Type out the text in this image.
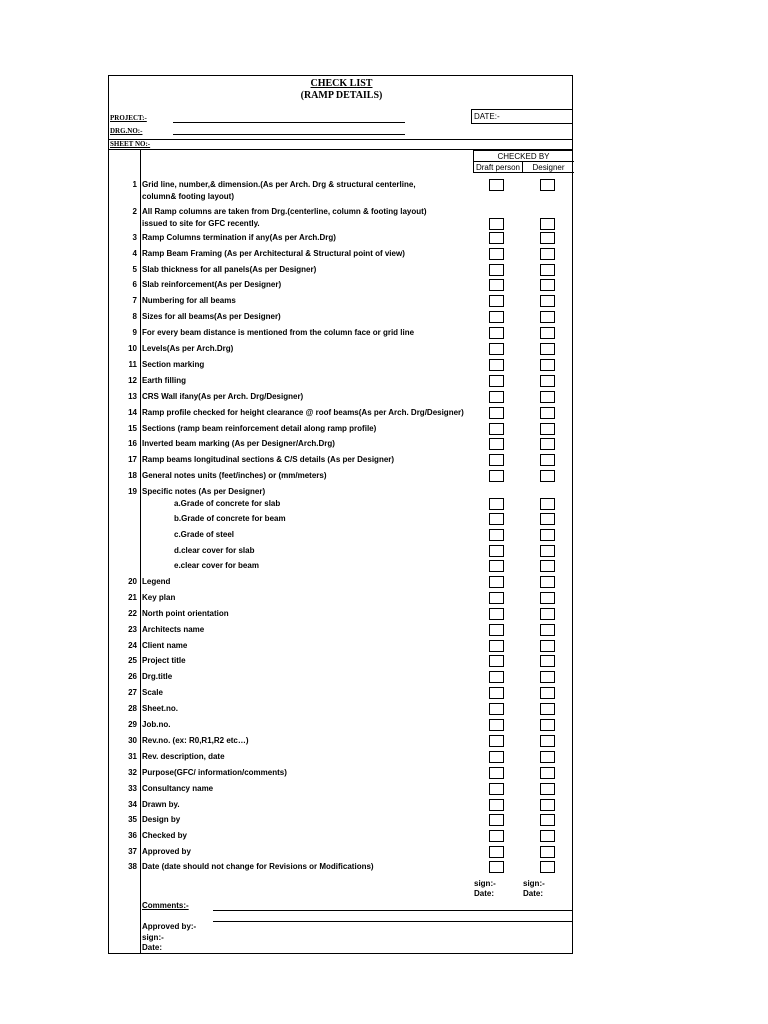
CHECK LIST
(RAMP DETAILS)
PROJECT:-
DRG.NO:-
SHEET NO:-
DATE:-
CHECKED BY
Draft person	Designer
1 Grid line, number,& dimension.(As per Arch. Drg & structural centerline,
column& footing layout)
2 All Ramp columns are taken from Drg.(centerline, column & footing layout)
issued to site for GFC recently.
3 Ramp Columns termination if any(As per Arch.Drg)
4 Ramp Beam Framing (As per Architectural & Structural point of view)
5 Slab thickness for all panels(As per Designer)
6 Slab reinforcement(As per Designer)
7 Numbering for all beams
8 Sizes for all beams(As per Designer)
9 For every beam distance is mentioned from the column face or grid line
10 Levels(As per Arch.Drg)
11 Section marking
12 Earth filling
13 CRS Wall ifany(As per Arch. Drg/Designer)
14 Ramp profile checked for height clearance @ roof beams(As per Arch. Drg/Designer)
15 Sections (ramp beam reinforcement detail along ramp profile)
16 Inverted beam marking (As per Designer/Arch.Drg)
17 Ramp beams longitudinal sections & C/S details (As per Designer)
18 General notes units (feet/inches) or (mm/meters)
19 Specific notes (As per Designer)
a.Grade of concrete for slab
b.Grade of concrete for beam
c.Grade of steel
d.clear cover for slab
e.clear cover for beam
20 Legend
21 Key plan
22 North point orientation
23 Architects name
24 Client name
25 Project title
26 Drg.title
27 Scale
28 Sheet.no.
29 Job.no.
30 Rev.no. (ex: R0,R1,R2 etc…)
31 Rev. description, date
32 Purpose(GFC/ information/comments)
33 Consultancy name
34 Drawn by.
35 Design by
36 Checked by
37 Approved by
38 Date (date should not change for Revisions or Modifications)
sign:-
Date:
sign:-
Date:
Comments:-
Approved by:-
sign:-
Date:
